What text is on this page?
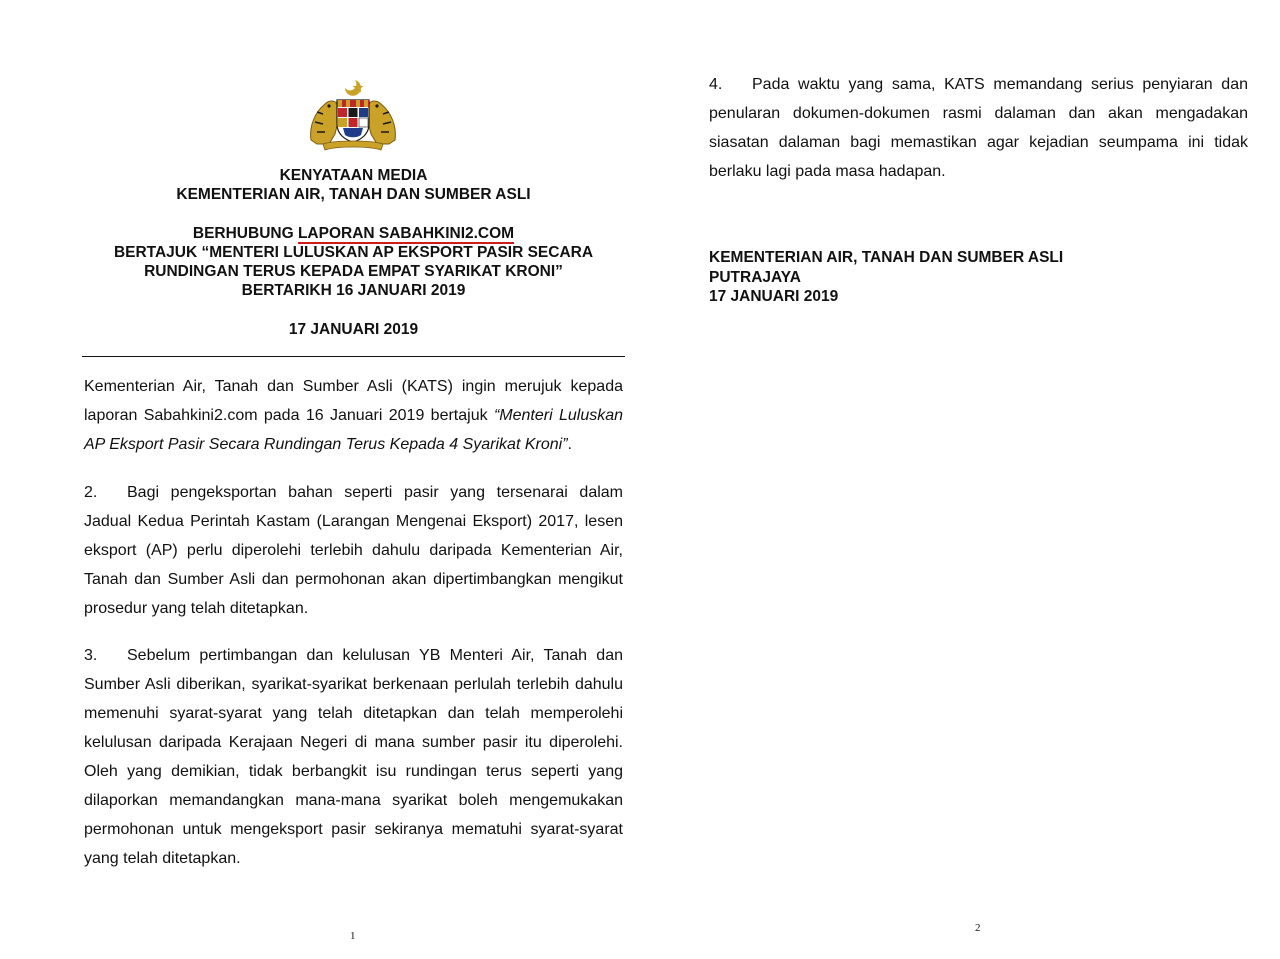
KENYATAAN MEDIA
KEMENTERIAN AIR, TANAH DAN SUMBER ASLI
BERHUBUNG LAPORAN SABAHKINI2.COM
BERTAJUK “MENTERI LULUSKAN AP EKSPORT PASIR SECARA
RUNDINGAN TERUS KEPADA EMPAT SYARIKAT KRONI”
BERTARIKH 16 JANUARI 2019
17 JANUARI 2019

Kementerian Air, Tanah dan Sumber Asli (KATS) ingin merujuk kepada laporan Sabahkini2.com pada 16 Januari 2019 bertajuk “Menteri Luluskan AP Eksport Pasir Secara Rundingan Terus Kepada 4 Syarikat Kroni”.

2. Bagi pengeksportan bahan seperti pasir yang tersenarai dalam Jadual Kedua Perintah Kastam (Larangan Mengenai Eksport) 2017, lesen eksport (AP) perlu diperolehi terlebih dahulu daripada Kementerian Air, Tanah dan Sumber Asli dan permohonan akan dipertimbangkan mengikut prosedur yang telah ditetapkan.

3. Sebelum pertimbangan dan kelulusan YB Menteri Air, Tanah dan Sumber Asli diberikan, syarikat-syarikat berkenaan perlulah terlebih dahulu memenuhi syarat-syarat yang telah ditetapkan dan telah memperolehi kelulusan daripada Kerajaan Negeri di mana sumber pasir itu diperolehi. Oleh yang demikian, tidak berbangkit isu rundingan terus seperti yang dilaporkan memandangkan mana-mana syarikat boleh mengemukakan permohonan untuk mengeksport pasir sekiranya mematuhi syarat-syarat yang telah ditetapkan.

1

4. Pada waktu yang sama, KATS memandang serius penyiaran dan penularan dokumen-dokumen rasmi dalaman dan akan mengadakan siasatan dalaman bagi memastikan agar kejadian seumpama ini tidak berlaku lagi pada masa hadapan.

KEMENTERIAN AIR, TANAH DAN SUMBER ASLI
PUTRAJAYA
17 JANUARI 2019
2
